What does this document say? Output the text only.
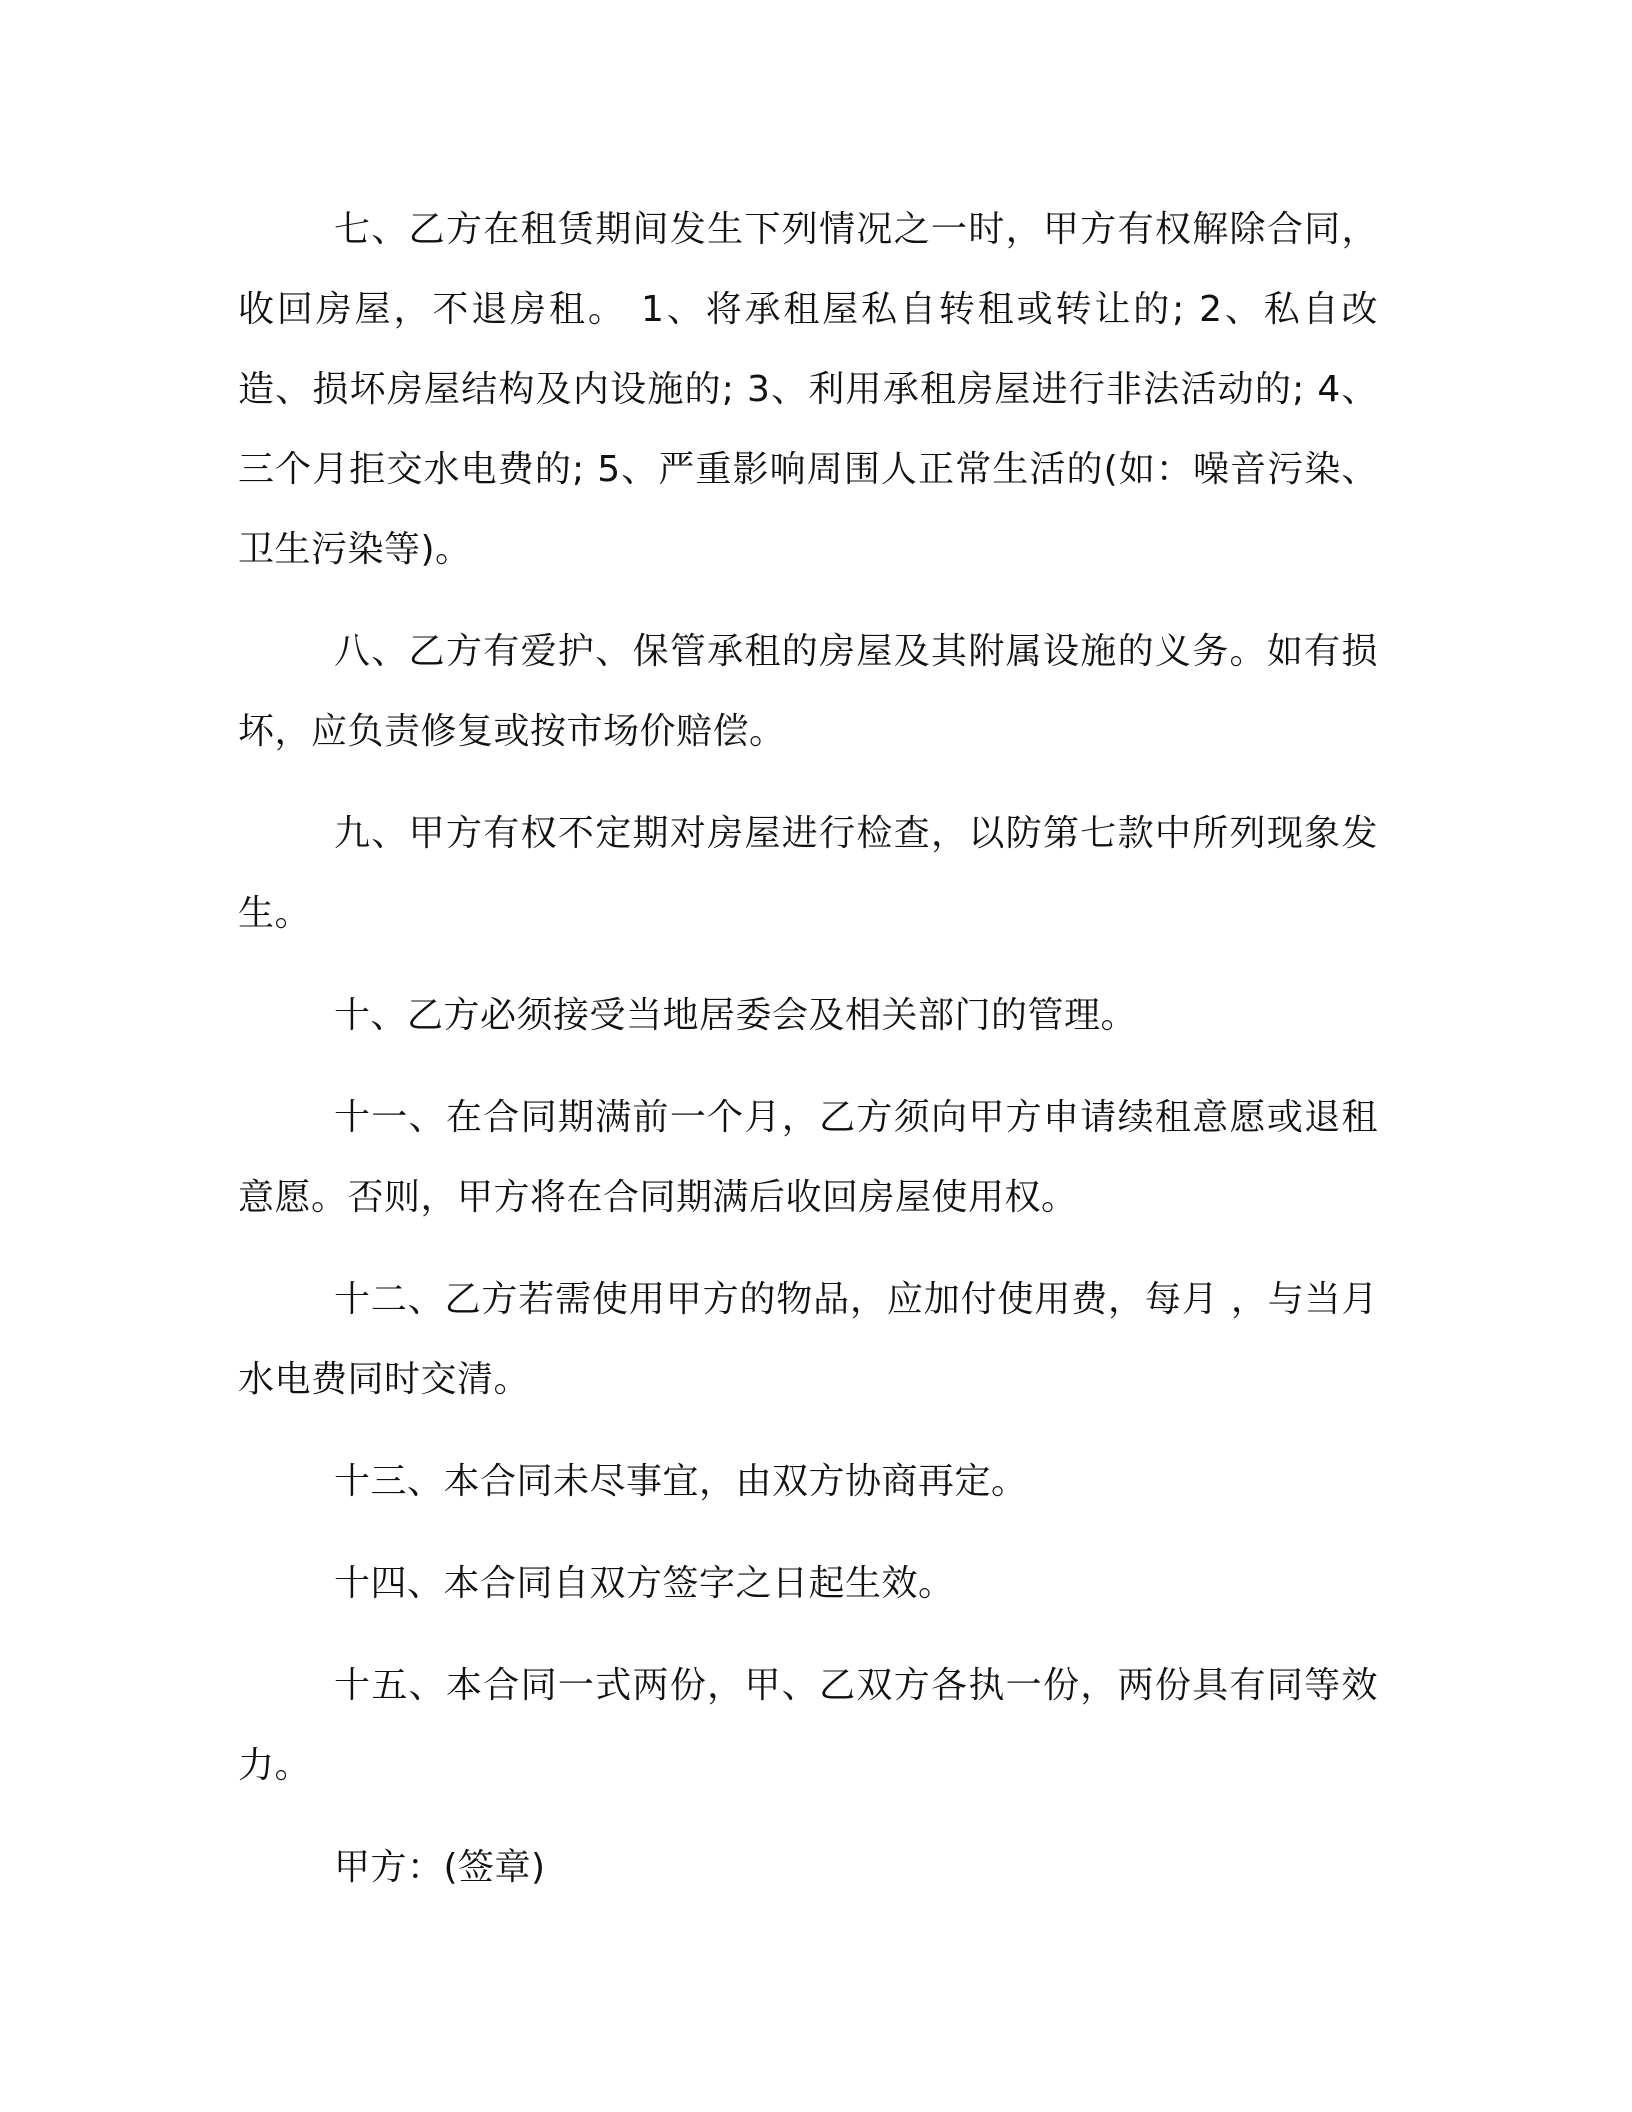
七、乙方在租赁期间发生下列情况之一时，甲方有权解除合同，收回房屋，不退房租。 1、将承租屋私自转租或转让的; 2、私自改造、损坏房屋结构及内设施的; 3、利用承租房屋进行非法活动的; 4、三个月拒交水电费的; 5、严重影响周围人正常生活的(如：噪音污染、卫生污染等)。

八、乙方有爱护、保管承租的房屋及其附属设施的义务。如有损坏，应负责修复或按市场价赔偿。

九、甲方有权不定期对房屋进行检查，以防第七款中所列现象发生。

十、乙方必须接受当地居委会及相关部门的管理。

十一、在合同期满前一个月，乙方须向甲方申请续租意愿或退租意愿。否则，甲方将在合同期满后收回房屋使用权。

十二、乙方若需使用甲方的物品，应加付使用费，每月 ，与当月水电费同时交清。

十三、本合同未尽事宜，由双方协商再定。

十四、本合同自双方签字之日起生效。

十五、本合同一式两份，甲、乙双方各执一份，两份具有同等效力。

甲方：(签章)
